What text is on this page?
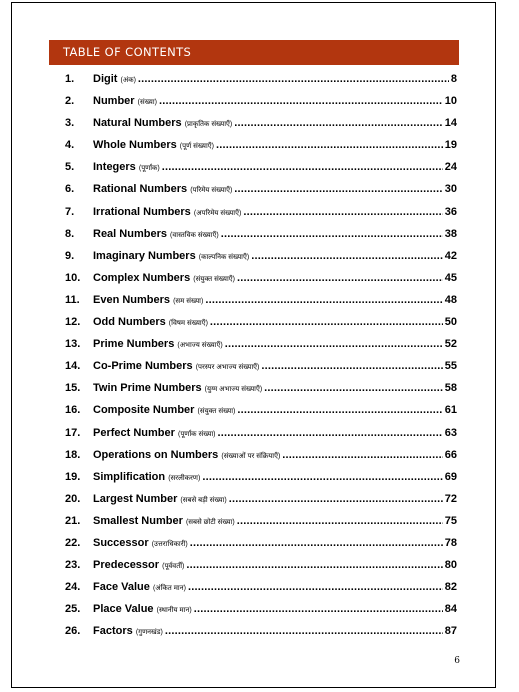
TABLE OF CONTENTS
1.	Digit (अंक) .....	8
2.	Number (संख्या) .....	10
3.	Natural Numbers (प्राकृतिक संख्याएँ) .....	14
4.	Whole Numbers (पूर्ण संख्याएँ) .....	19
5.	Integers (पूर्णांक) .....	24
6.	Rational Numbers (परिमेय संख्याएँ) .....	30
7.	Irrational Numbers (अपरिमेय संख्याएँ) .....	36
8.	Real Numbers (वास्तविक संख्याएँ) .....	38
9.	Imaginary Numbers (काल्पनिक संख्याएँ) .....	42
10.	Complex Numbers (संयुक्त संख्याएँ) .....	45
11.	Even Numbers (सम संख्या) .....	48
12.	Odd Numbers (विषम संख्याएँ) .....	50
13.	Prime Numbers (अभाज्य संख्याएँ) .....	52
14.	Co-Prime Numbers (परस्पर अभाज्य संख्याएँ) .....	55
15.	Twin Prime Numbers (युग्म अभाज्य संख्याएँ) .....	58
16.	Composite Number (संयुक्त संख्या) .....	61
17.	Perfect Number (पूर्णांक संख्या) .....	63
18.	Operations on Numbers (संख्याओं पर संक्रियाएँ) .....	66
19.	Simplification (सरलीकरण) .....	69
20.	Largest Number (सबसे बड़ी संख्या) .....	72
21.	Smallest Number (सबसे छोटी संख्या) .....	75
22.	Successor (उत्तराधिकारी) .....	78
23.	Predecessor (पूर्ववर्ती) .....	80
24.	Face Value (अंकित मान) .....	82
25.	Place Value (स्थानीय मान) .....	84
26.	Factors (गुणनखंड) .....	87
6
